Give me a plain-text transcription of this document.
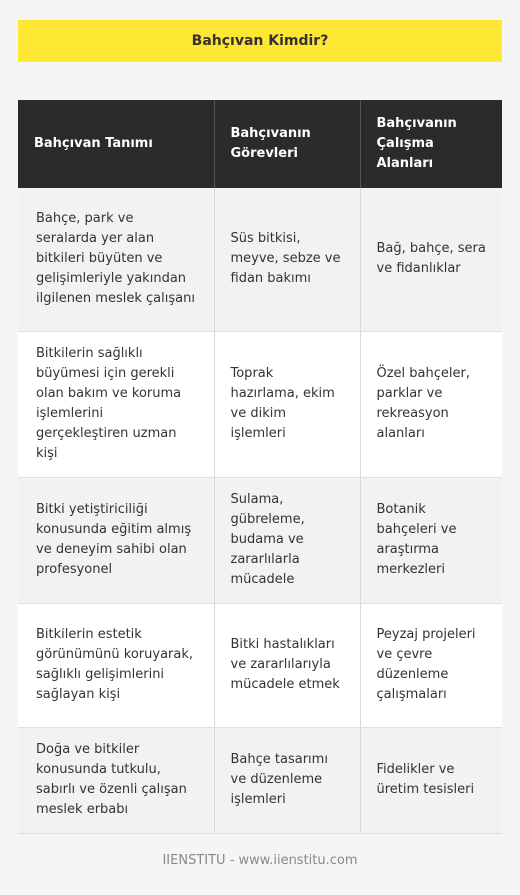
Bahçıvan Kimdir?
Bahçıvan Tanımı	Bahçıvanın Görevleri	Bahçıvanın Çalışma Alanları
Bahçe, park ve seralarda yer alan bitkileri büyüten ve gelişimleriyle yakından ilgilenen meslek çalışanı	Süs bitkisi, meyve, sebze ve fidan bakımı	Bağ, bahçe, sera ve fidanlıklar
Bitkilerin sağlıklı büyümesi için gerekli olan bakım ve koruma işlemlerini gerçekleştiren uzman kişi	Toprak hazırlama, ekim ve dikim işlemleri	Özel bahçeler, parklar ve rekreasyon alanları
Bitki yetiştiriciliği konusunda eğitim almış ve deneyim sahibi olan profesyonel	Sulama, gübreleme, budama ve zararlılarla mücadele	Botanik bahçeleri ve araştırma merkezleri
Bitkilerin estetik görünümünü koruyarak, sağlıklı gelişimlerini sağlayan kişi	Bitki hastalıkları ve zararlılarıyla mücadele etmek	Peyzaj projeleri ve çevre düzenleme çalışmaları
Doğa ve bitkiler konusunda tutkulu, sabırlı ve özenli çalışan meslek erbabı	Bahçe tasarımı ve düzenleme işlemleri	Fidelikler ve üretim tesisleri
IIENSTITU - www.iienstitu.com
